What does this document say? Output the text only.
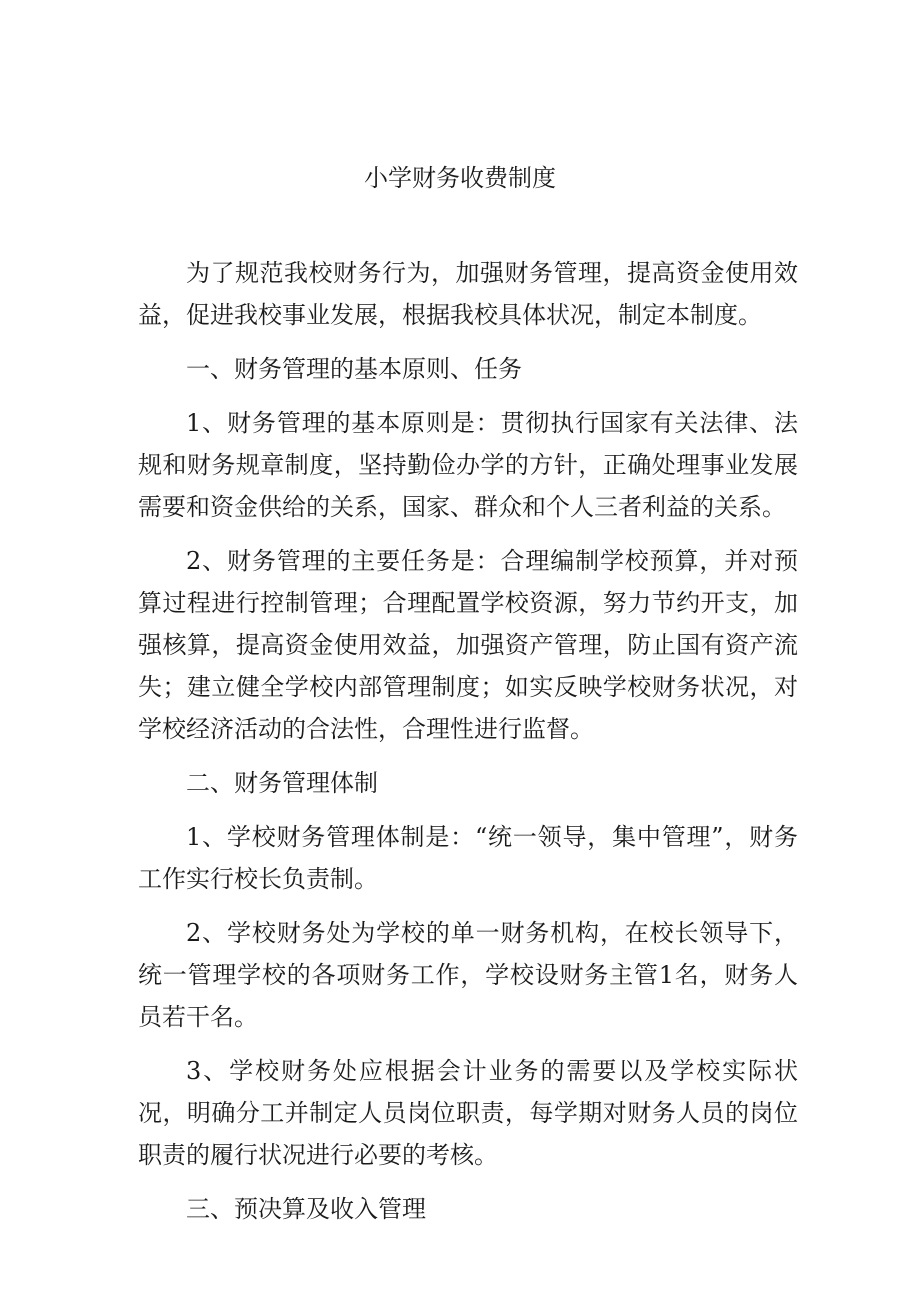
小学财务收费制度

为了规范我校财务行为，加强财务管理，提高资金使用效益，促进我校事业发展，根据我校具体状况，制定本制度。

一、财务管理的基本原则、任务

1、财务管理的基本原则是：贯彻执行国家有关法律、法规和财务规章制度，坚持勤俭办学的方针，正确处理事业发展需要和资金供给的关系，国家、群众和个人三者利益的关系。

2、财务管理的主要任务是：合理编制学校预算，并对预算过程进行控制管理；合理配置学校资源，努力节约开支，加强核算，提高资金使用效益，加强资产管理，防止国有资产流失；建立健全学校内部管理制度；如实反映学校财务状况，对学校经济活动的合法性，合理性进行监督。

二、财务管理体制

1、学校财务管理体制是：“统一领导，集中管理”，财务工作实行校长负责制。

2、学校财务处为学校的单一财务机构，在校长领导下，统一管理学校的各项财务工作，学校设财务主管1名，财务人员若干名。

3、学校财务处应根据会计业务的需要以及学校实际状况，明确分工并制定人员岗位职责，每学期对财务人员的岗位职责的履行状况进行必要的考核。

三、预决算及收入管理
